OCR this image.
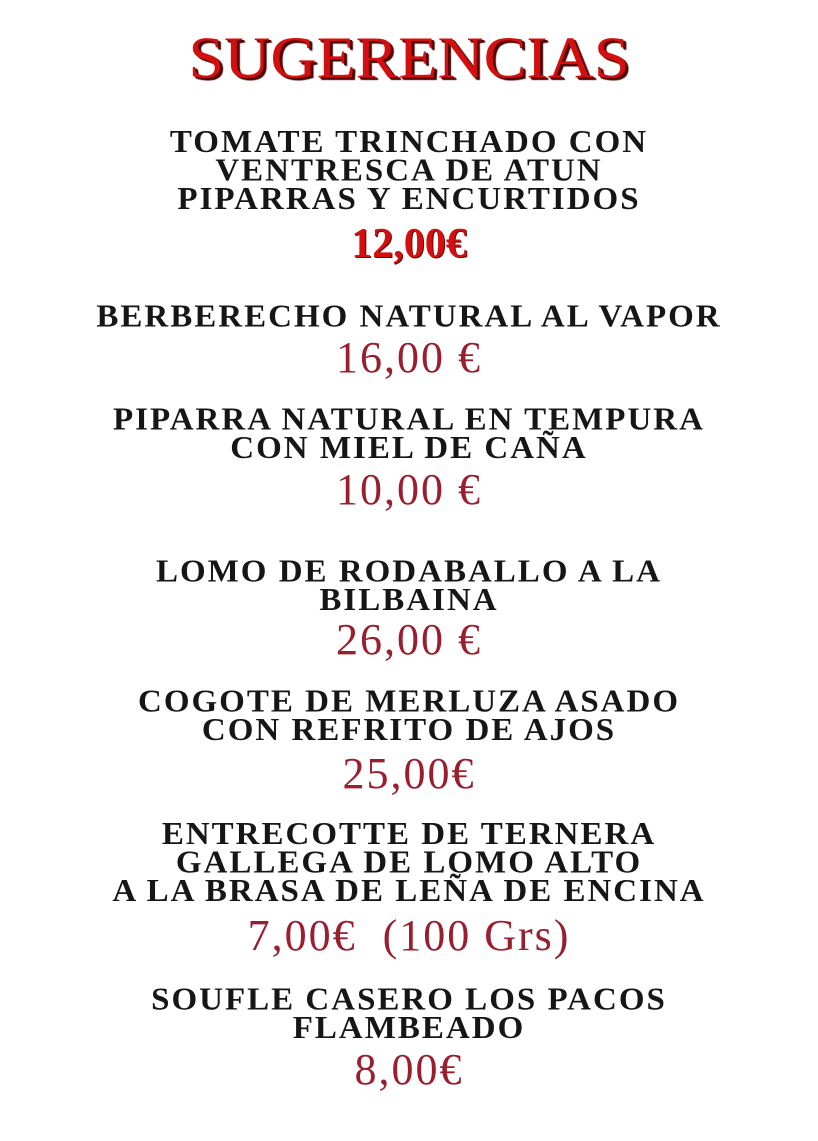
SUGERENCIAS
TOMATE TRINCHADO CON
VENTRESCA DE ATUN
PIPARRAS Y ENCURTIDOS
12,00€
BERBERECHO NATURAL AL VAPOR
16,00 €
PIPARRA NATURAL EN TEMPURA
CON MIEL DE CAÑA
10,00 €
LOMO DE RODABALLO A LA
BILBAINA
26,00 €
COGOTE DE MERLUZA ASADO
CON REFRITO DE AJOS
25,00€
ENTRECOTTE DE TERNERA
GALLEGA DE LOMO ALTO
A LA BRASA DE LEÑA DE ENCINA
7,00€  (100 Grs)
SOUFLE CASERO LOS PACOS
FLAMBEADO
8,00€
